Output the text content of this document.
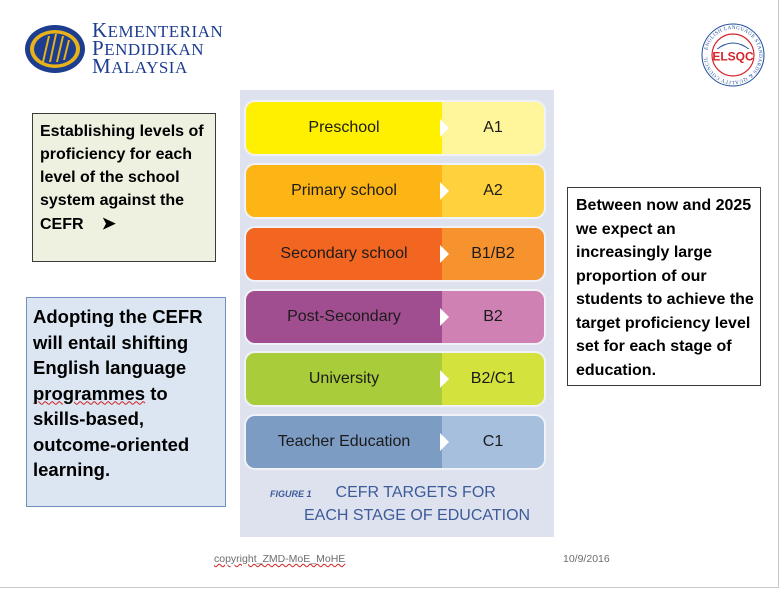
KEMENTERIAN
PENDIDIKAN
MALAYSIA
ENGLISH LANGUAGE STANDARDS & QUALITY COUNCIL ELSQC
Establishing levels of proficiency for each level of the school system against the CEFR ➤
Adopting the CEFR will entail shifting English language programmes to skills-based, outcome-oriented learning.
Between now and 2025 we expect an increasingly large proportion of our students to achieve the target proficiency level set for each stage of education.
Preschool	A1
Primary school	A2
Secondary school	B1/B2
Post-Secondary	B2
University	B2/C1
Teacher Education	C1
FIGURE 1 CEFR TARGETS FOR
EACH STAGE OF EDUCATION
copyright_ZMD-MoE_MoHE	10/9/2016
